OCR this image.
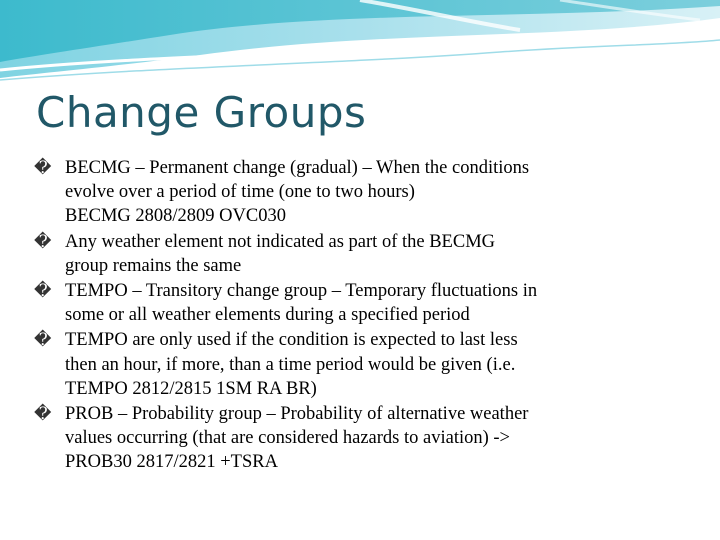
Change Groups
� BECMG – Permanent change (gradual) – When the conditions
evolve over a period of time (one to two hours)
BECMG 2808/2809 OVC030
� Any weather element not indicated as part of the BECMG
group remains the same
� TEMPO – Transitory change group – Temporary fluctuations in
some or all weather elements during a specified period
� TEMPO are only used if the condition is expected to last less
then an hour, if more, than a time period would be given (i.e.
TEMPO 2812/2815 1SM RA BR)
� PROB – Probability group – Probability of alternative weather
values occurring (that are considered hazards to aviation) ->
PROB30 2817/2821 +TSRA
